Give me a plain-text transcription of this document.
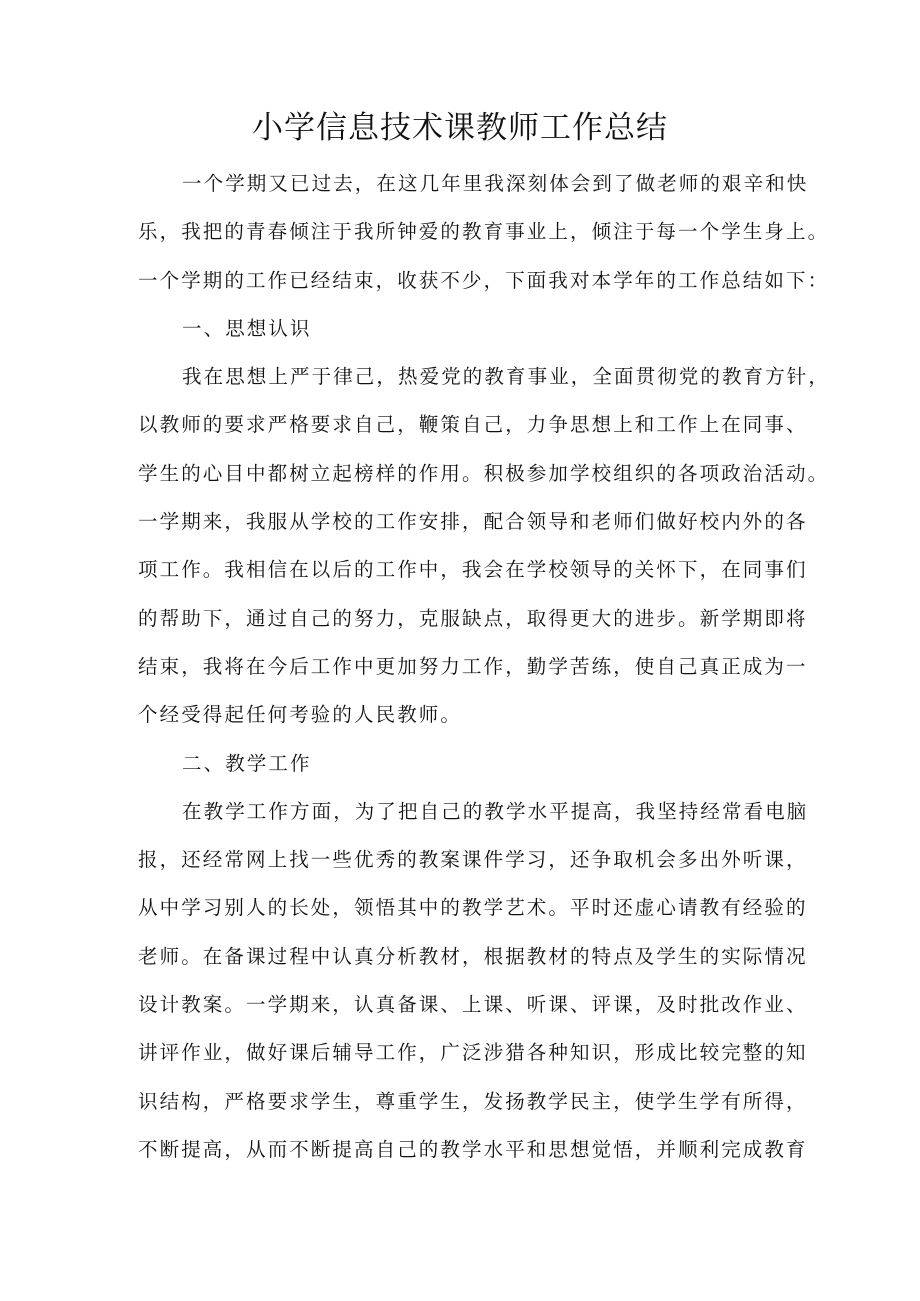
小学信息技术课教师工作总结
一个学期又已过去，在这几年里我深刻体会到了做老师的艰辛和快
乐，我把的青春倾注于我所钟爱的教育事业上，倾注于每一个学生身上。
一个学期的工作已经结束，收获不少，下面我对本学年的工作总结如下：
一、思想认识
我在思想上严于律己，热爱党的教育事业，全面贯彻党的教育方针，
以教师的要求严格要求自己，鞭策自己，力争思想上和工作上在同事、
学生的心目中都树立起榜样的作用。积极参加学校组织的各项政治活动。
一学期来，我服从学校的工作安排，配合领导和老师们做好校内外的各
项工作。我相信在以后的工作中，我会在学校领导的关怀下，在同事们
的帮助下，通过自己的努力，克服缺点，取得更大的进步。新学期即将
结束，我将在今后工作中更加努力工作，勤学苦练，使自己真正成为一
个经受得起任何考验的人民教师。
二、教学工作
在教学工作方面，为了把自己的教学水平提高，我坚持经常看电脑
报，还经常网上找一些优秀的教案课件学习，还争取机会多出外听课，
从中学习别人的长处，领悟其中的教学艺术。平时还虚心请教有经验的
老师。在备课过程中认真分析教材，根据教材的特点及学生的实际情况
设计教案。一学期来，认真备课、上课、听课、评课，及时批改作业、
讲评作业，做好课后辅导工作，广泛涉猎各种知识，形成比较完整的知
识结构，严格要求学生，尊重学生，发扬教学民主，使学生学有所得，
不断提高，从而不断提高自己的教学水平和思想觉悟，并顺利完成教育
